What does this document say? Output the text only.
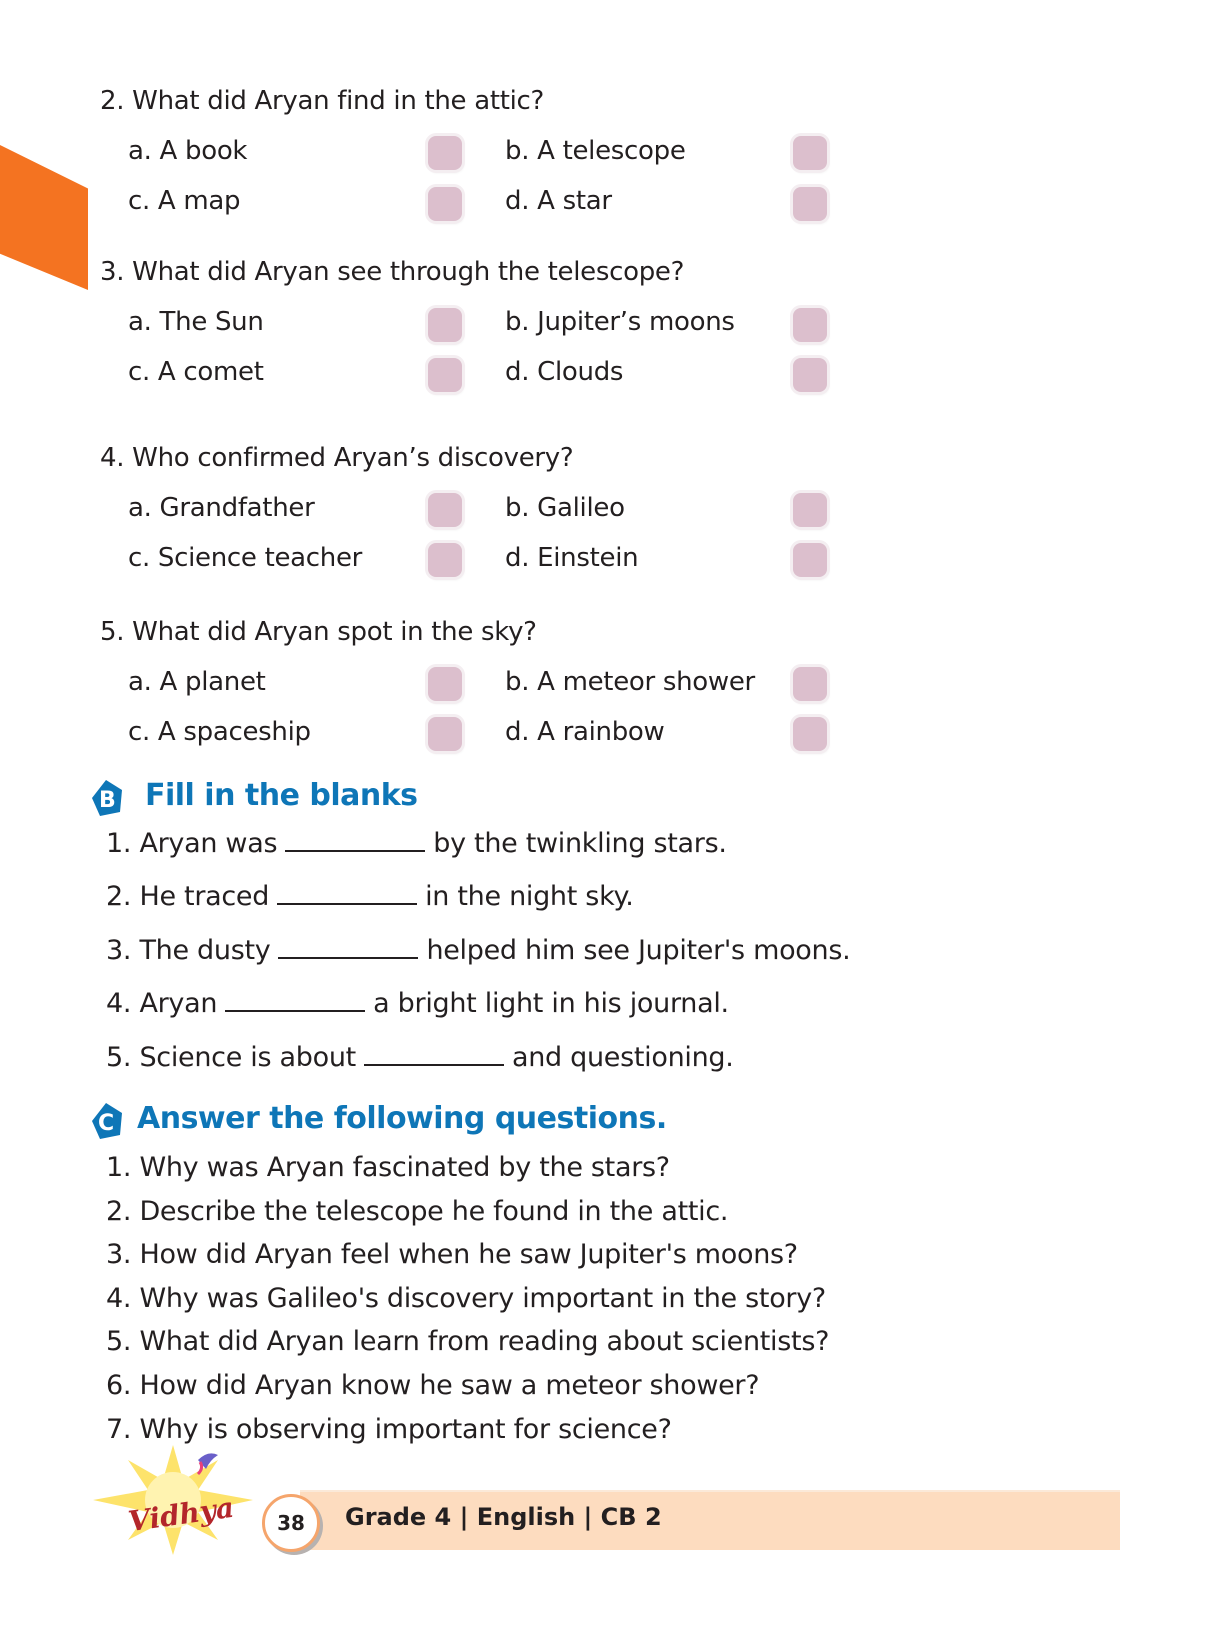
2. What did Aryan find in the attic?
a. A book	b. A telescope
c. A map	d. A star
3. What did Aryan see through the telescope?
a. The Sun	b. Jupiter’s moons
c. A comet	d. Clouds
4. Who confirmed Aryan’s discovery?
a. Grandfather	b. Galileo
c. Science teacher	d. Einstein
5. What did Aryan spot in the sky?
a. A planet	b. A meteor shower
c. A spaceship	d. A rainbow
B Fill in the blanks
1. Aryan was	by the twinkling stars.
2. He traced	in the night sky.
3. The dusty	helped him see Jupiter's moons.
4. Aryan	a bright light in his journal.
5. Science is about	and questioning.
C Answer the following questions.
1. Why was Aryan fascinated by the stars?
2. Describe the telescope he found in the attic.
3. How did Aryan feel when he saw Jupiter's moons?
4. Why was Galileo's discovery important in the story?
5. What did Aryan learn from reading about scientists?
6. How did Aryan know he saw a meteor shower?
7. Why is observing important for science?
Vidhya	38	Grade 4 | English | CB 2
